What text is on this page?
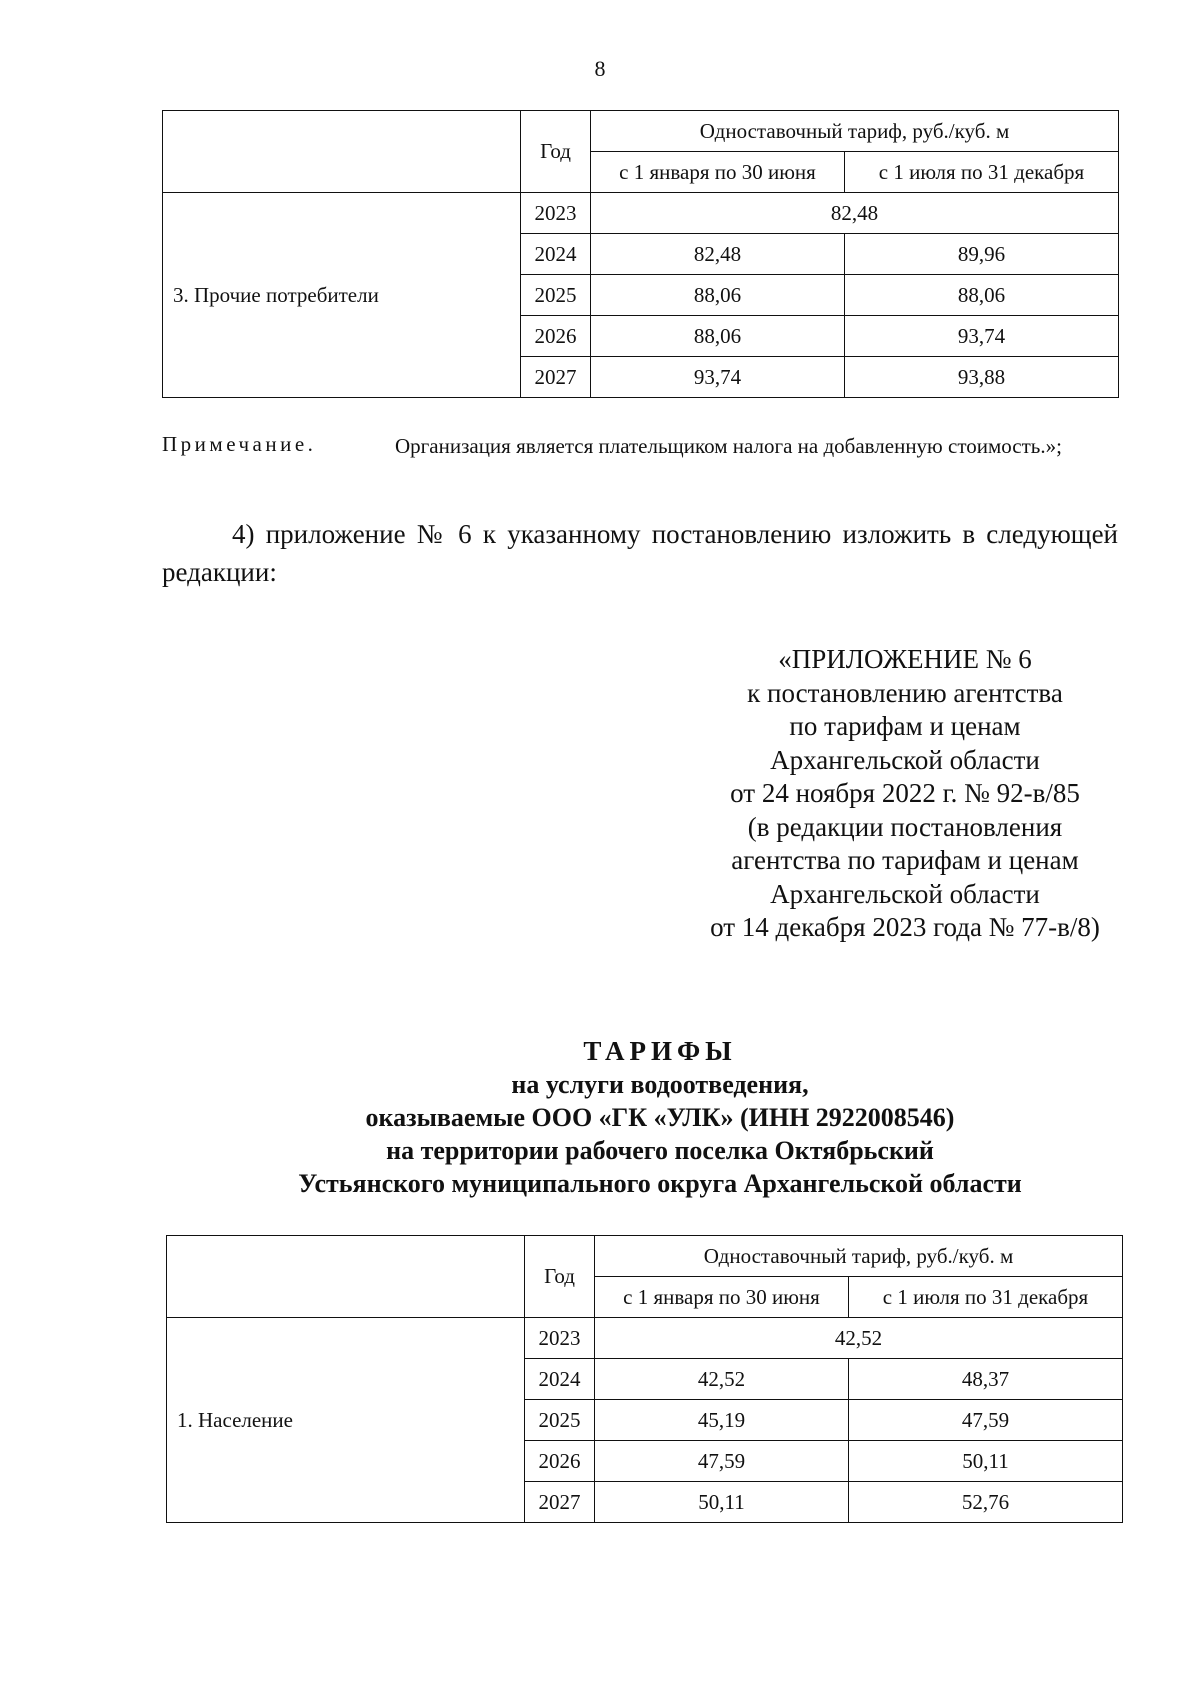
8
	Год	Одноставочный тариф, руб./куб. м	
		с 1 января по 30 июня	с 1 июля по 31 декабря
3. Прочие потребители	2023	82,48	
	2024	82,48	89,96
	2025	88,06	88,06
	2026	88,06	93,74
	2027	93,74	93,88
Примечание.	Организация является плательщиком налога на добавленную стоимость.»;
4) приложение № 6 к указанному постановлению изложить в следующей редакции:
«ПРИЛОЖЕНИЕ № 6
к постановлению агентства
по тарифам и ценам
Архангельской области
от 24 ноября 2022 г. № 92-в/85
(в редакции постановления
агентства по тарифам и ценам
Архангельской области
от 14 декабря 2023 года № 77-в/8)
ТАРИФЫ
на услуги водоотведения,
оказываемые ООО «ГК «УЛК» (ИНН 2922008546)
на территории рабочего поселка Октябрьский
Устьянского муниципального округа Архангельской области
	Год	Одноставочный тариф, руб./куб. м	
		с 1 января по 30 июня	с 1 июля по 31 декабря
1. Население	2023	42,52	
	2024	42,52	48,37
	2025	45,19	47,59
	2026	47,59	50,11
	2027	50,11	52,76
